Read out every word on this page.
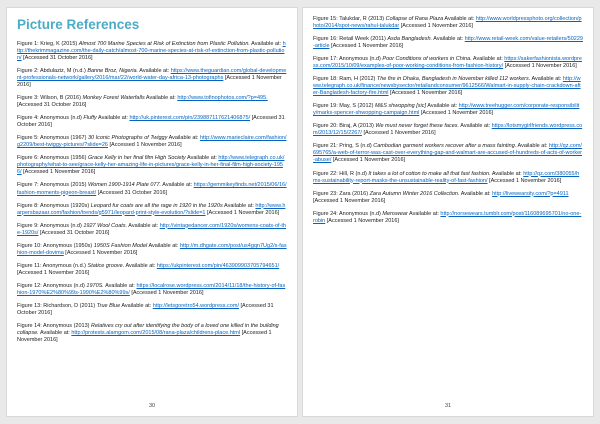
Picture References

Figure 1: Krieg, K (2015) Almost 700 Marine Species at Risk of Extinction from Plastic Pollution. Available at: http://thekrimmagazine.com/the-daily-catch/almost-700-marine-species-at-risk-of-extinction-from-plastic-pollution/ [Accessed 31 October 2016]

Figure 2: Abdulaziz, M (n.d.) Banne Broz, Nigeria. Available at: https://www.theguardian.com/global-development-professionals-network/gallery/2016/mar/22/world-water-day-africa-13-photographs [Accessed 1 November 2016]

Figure 3: Wilson, B (2016) Monkey Forest Waterfalls Available at: http://www.tofinophotos.com/?p=495. [Accessed 31 October 2016]

Figure 4: Anonymous (n.d) Fluffy Available at: http://uk.pinterest.com/pin/239887117621406875/ [Accessed 31 October 2016]

Figure 5: Anonymous (1967) 30 Iconic Photographs of Twiggy Available at: http://www.marieclaire.com/fashion/g2209/best-twiggy-pictures/?slide=26 [Accessed 1 November 2016]

Figure 6: Anonymous (1956) Grace Kelly in her final film High Society Available at: http://www.telegraph.co.uk/photography/what-to-see/grace-kelly-her-amazing-life-in-pictures/grace-kelly-in-her-final-film-high-society-1956/ [Accessed 1 November 2016]

Figure 7: Anonymous (2015) Women 1900-1914 Plate 077. Available at: https://gemmikeyfinds.net/2015/06/16/fashion-moments-pigeon-breast/ [Accessed 31 October 2016]

Figure 8: Anonymous (1920s) Leopard fur coats are all the rage in 1920 in the 1920s Available at: http://www.harpersbazaar.com/fashion/trends/g5971/leopard-print-style-evolution/?slide=1 [Accessed 1 November 2016]

Figure 9: Anonymous (n.d) 1927 Wool Coats. Available at: http://vintagedancer.com/1920s/womens-coats-of-the-1920s/ [Accessed 31 October 2016]

Figure 10: Anonymous (1950s) 1950S Fashion Model Available at: http://m.dhgate.com/post/us4gqn7Ug2/s-fashion-model-dovima [Accessed 1 November 2016]

Figure 11: Anonymous (n.d.) Statice groove. Available at: https://ukpinterest.com/pin/463909903705794651/ [Accessed 1 November 2016]

Figure 12: Anonymous (n.d) 1970S. Available at: https://localrose.wordpress.com/2014/11/18/the-history-of-fashion-1970%E2%80%99s-1990%E2%80%99s/ [Accessed 1 November 2016]

Figure 13: Richardson, D (2011) True Blue Available at: http://letsgoretro54.wordpress.com/ [Accessed 31 October 2016]

Figure 14: Anonymous (2013) Relatives cry out after identifying the body of a loved one killed in the building collapse. Available at: http://protests.alamgom.com/2015/08/rana-plaza/childrens-place.html [Accessed 1 November 2016]

30

Figure 15: Talukdar, R (2013) Collapse of Rana Plaza Available at: http://www.worldpressphoto.org/collection/photo/2014/spot-news/rahul-talukdar [Accessed 1 November 2016]

Figure 16: Retail Week (2011) Asda Bangladesh. Available at: http://www.retail-week.com/value-retailers/50229-article [Accessed 1 November 2016]

Figure 17: Anonymous (n.d) Poor Conditions of workers in China. Available at: https://sakerfashionista.wordpress.com/2015/10/09/examples-of-poor-working-conditions-from-fashion-history/ [Accessed 1 November 2016]

Figure 18: Ram, H (2012) The fire in Dhaka, Bangladesh in November killed 112 workers. Available at: http://www.telegraph.co.uk/finance/newsbysector/retailandconsumer/9612566/Walmart-in-supply-chain-crackdown-after-Bangladesh-factory-fire.html [Accessed 1 November 2016]

Figure 19: May, S (2012) M&S shwopping [sic] Available at: http://www.treehugger.com/corporate-responsibility/marks-spencer-shwopping-campaign.html [Accessed 1 November 2016]

Figure 20: Biraj, A (2013) We must never forget these faces. Available at: https://lotsmygirlfriends.wordpress.com/2013/12/15/2267/ [Accessed 1 November 2016]

Figure 21: Pring, S (n.d) Cambodian garment workers recover after a mass fainting. Available at: http://qz.com/695765/a-web-of-terror-was-cast-over-everything-gap-and-walmart-are-accused-of-hundreds-of-acts-of-worker-abuse/ [Accessed 1 November 2016]

Figure 22: Hill, R (n.d) It takes a lot of cotton to make all that fast fashion. Available at: http://qz.com/380055/hms-sustainability-report-masks-the-unsustainable-reality-of-fast-fashion/ [Accessed 1 November 2016]

Figure 23: Zara (2016) Zara Autumn Winter 2016 Collection. Available at: http://livewearsity.com/?p=4911 [Accessed 1 November 2016]

Figure 24: Anonymous (n.d) Menswear Available at: http://norsewears.tumblr.com/post/116089695701/no-one-robin [Accessed 1 November 2016]

31
